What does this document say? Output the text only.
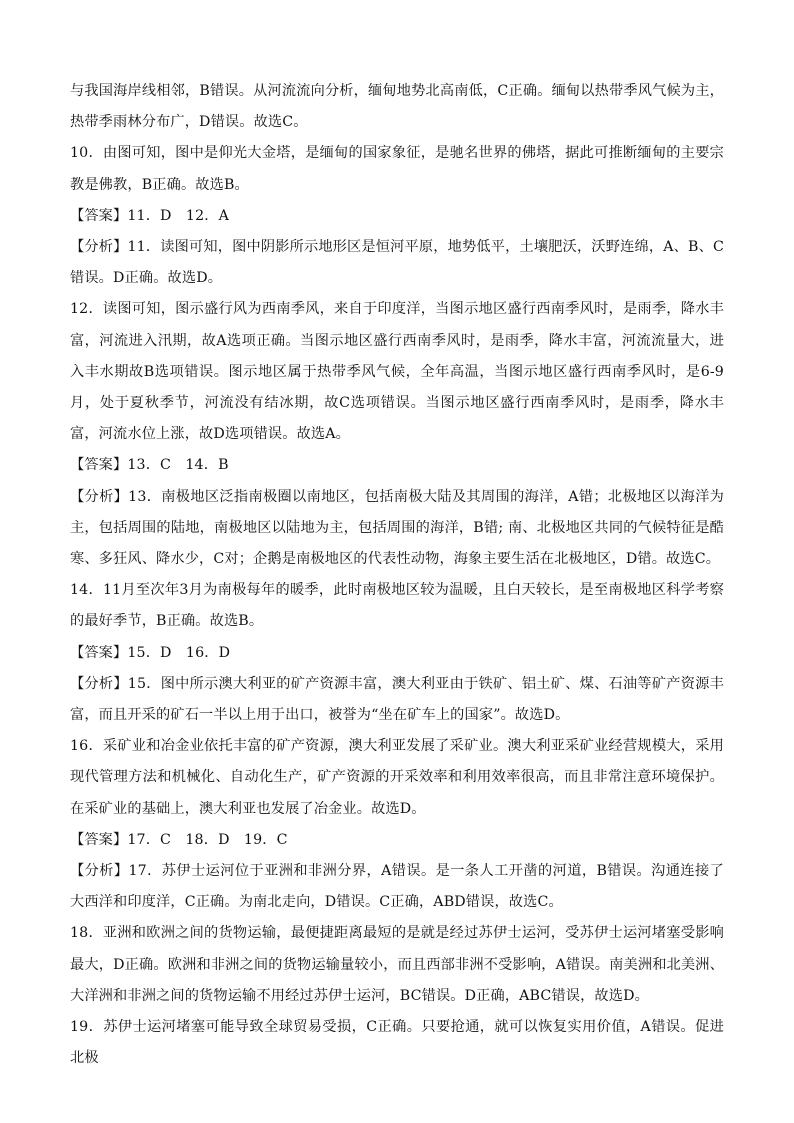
与我国海岸线相邻，B错误。从河流流向分析，缅甸地势北高南低，C正确。缅甸以热带季风气候为主，热带季雨林分布广，D错误。故选C。

10．由图可知，图中是仰光大金塔，是缅甸的国家象征，是驰名世界的佛塔，据此可推断缅甸的主要宗教是佛教，B正确。故选B。

【答案】11．D　12．A

【分析】11．读图可知，图中阴影所示地形区是恒河平原，地势低平，土壤肥沃，沃野连绵，A、B、C错误。D正确。故选D。

12．读图可知，图示盛行风为西南季风，来自于印度洋，当图示地区盛行西南季风时，是雨季，降水丰富，河流进入汛期，故A选项正确。当图示地区盛行西南季风时，是雨季，降水丰富，河流流量大，进入丰水期故B选项错误。图示地区属于热带季风气候，全年高温，当图示地区盛行西南季风时，是6-9月，处于夏秋季节，河流没有结冰期，故C选项错误。当图示地区盛行西南季风时，是雨季，降水丰富，河流水位上涨，故D选项错误。故选A。

【答案】13．C　14．B

【分析】13．南极地区泛指南极圈以南地区，包括南极大陆及其周围的海洋，A错；北极地区以海洋为主，包括周围的陆地，南极地区以陆地为主，包括周围的海洋，B错; 南、北极地区共同的气候特征是酷寒、多狂风、降水少，C对；企鹅是南极地区的代表性动物，海象主要生活在北极地区，D错。故选C。

14．11月至次年3月为南极每年的暖季，此时南极地区较为温暖，且白天较长，是至南极地区科学考察的最好季节，B正确。故选B。

【答案】15．D　16．D

【分析】15．图中所示澳大利亚的矿产资源丰富，澳大利亚由于铁矿、铝土矿、煤、石油等矿产资源丰富，而且开采的矿石一半以上用于出口，被誉为“坐在矿车上的国家”。故选D。

16．采矿业和冶金业依托丰富的矿产资源，澳大利亚发展了采矿业。澳大利亚采矿业经营规模大，采用现代管理方法和机械化、自动化生产，矿产资源的开采效率和利用效率很高，而且非常注意环境保护。在采矿业的基础上，澳大利亚也发展了冶金业。故选D。

【答案】17．C　18．D　19．C

【分析】17．苏伊士运河位于亚洲和非洲分界，A错误。是一条人工开凿的河道，B错误。沟通连接了大西洋和印度洋，C正确。为南北走向，D错误。C正确，ABD错误，故选C。

18．亚洲和欧洲之间的货物运输，最便捷距离最短的是就是经过苏伊士运河，受苏伊士运河堵塞受影响最大，D正确。欧洲和非洲之间的货物运输量较小，而且西部非洲不受影响，A错误。南美洲和北美洲、大洋洲和非洲之间的货物运输不用经过苏伊士运河，BC错误。D正确，ABC错误，故选D。

19．苏伊士运河堵塞可能导致全球贸易受损，C正确。只要抢通，就可以恢复实用价值，A错误。促进北极
